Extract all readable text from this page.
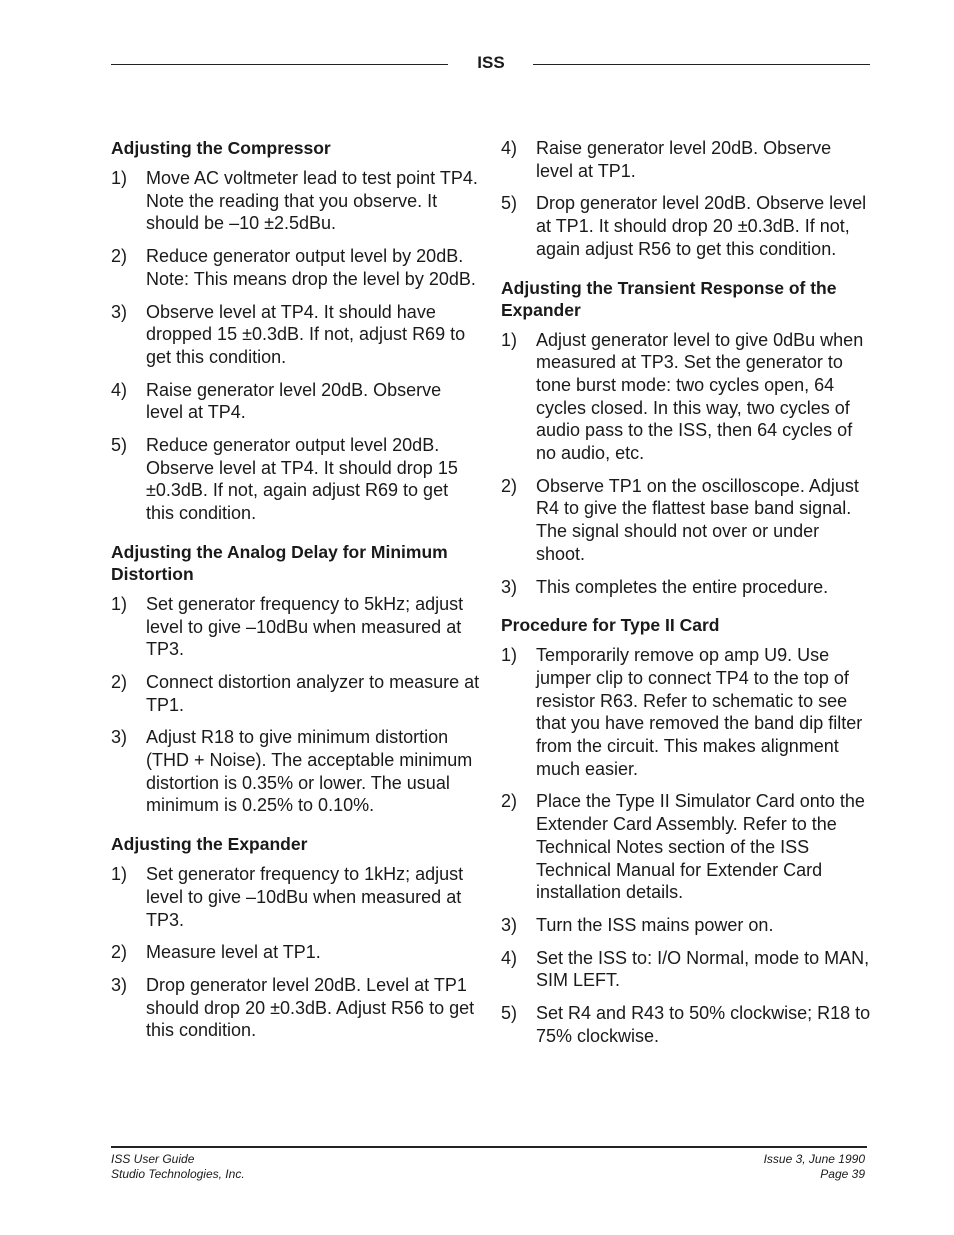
ISS
Adjusting the Compressor
1) Move AC voltmeter lead to test point TP4. Note the reading that you observe. It should be –10 ±2.5dBu.
2) Reduce generator output level by 20dB. Note: This means drop the level by 20dB.
3) Observe level at TP4. It should have dropped 15 ±0.3dB. If not, adjust R69 to get this condition.
4) Raise generator level 20dB. Observe level at TP4.
5) Reduce generator output level 20dB. Observe level at TP4. It should drop 15 ±0.3dB. If not, again adjust R69 to get this condition.
Adjusting the Analog Delay for Minimum Distortion
1) Set generator frequency to 5kHz; adjust level to give –10dBu when measured at TP3.
2) Connect distortion analyzer to measure at TP1.
3) Adjust R18 to give minimum distortion (THD + Noise). The acceptable minimum distortion is 0.35% or lower. The usual minimum is 0.25% to 0.10%.
Adjusting the Expander
1) Set generator frequency to 1kHz; adjust level to give –10dBu when measured at TP3.
2) Measure level at TP1.
3) Drop generator level 20dB. Level at TP1 should drop 20 ±0.3dB. Adjust R56 to get this condition.
4) Raise generator level 20dB. Observe level at TP1.
5) Drop generator level 20dB. Observe level at TP1. It should drop 20 ±0.3dB. If not, again adjust R56 to get this condition.
Adjusting the Transient Response of the Expander
1) Adjust generator level to give 0dBu when measured at TP3. Set the generator to tone burst mode: two cycles open, 64 cycles closed. In this way, two cycles of audio pass to the ISS, then 64 cycles of no audio, etc.
2) Observe TP1 on the oscilloscope. Adjust R4 to give the flattest base band signal. The signal should not over or under shoot.
3) This completes the entire procedure.
Procedure for Type II Card
1) Temporarily remove op amp U9. Use jumper clip to connect TP4 to the top of resistor R63. Refer to schematic to see that you have removed the band dip filter from the circuit. This makes alignment much easier.
2) Place the Type II Simulator Card onto the Extender Card Assembly. Refer to the Technical Notes section of the ISS Technical Manual for Extender Card installation details.
3) Turn the ISS mains power on.
4) Set the ISS to: I/O Normal, mode to MAN, SIM LEFT.
5) Set R4 and R43 to 50% clockwise; R18 to 75% clockwise.
ISS User Guide
Studio Technologies, Inc.
Issue 3, June 1990
Page 39
